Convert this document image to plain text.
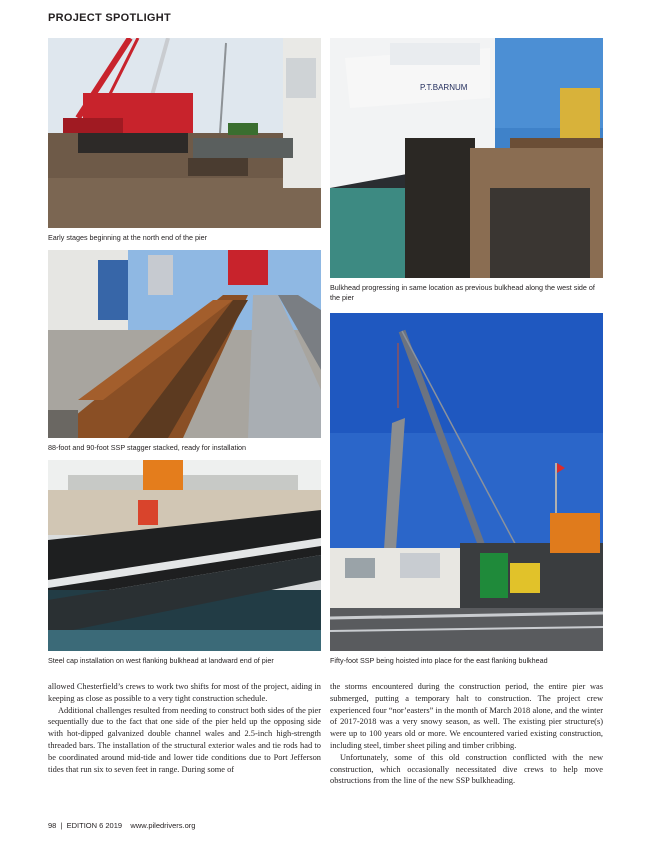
PROJECT SPOTLIGHT
P.T.BARNUM
Early stages beginning at the north end of the pier
Bulkhead progressing in same location as previous bulkhead along the west side of the pier
88-foot and 90-foot SSP stagger stacked, ready for installation
Steel cap installation on west flanking bulkhead at landward end of pier	Fifty-foot SSP being hoisted into place for the east flanking bulkhead

allowed Chesterfield’s crews to work two shifts for most of the project, aiding in keeping as close as possible to a very tight construction schedule.

Additional challenges resulted from needing to construct both sides of the pier sequentially due to the fact that one side of the pier held up the opposing side with hot-dipped galvanized double channel wales and 2.5-inch high-strength threaded bars. The installation of the structural exterior wales and tie rods had to be coordinated around mid-tide and lower tide conditions due to Port Jefferson tides that run six to seven feet in range. During some of

the storms encountered during the construction period, the entire pier was submerged, putting a temporary halt to construction. The project crew experienced four “nor’easters” in the month of March 2018 alone, and the winter of 2017-2018 was a very snowy season, as well. The existing pier structure(s) were up to 100 years old or more. We encountered varied existing construction, including steel, timber sheet piling and timber cribbing.

Unfortunately, some of this old construction conflicted with the new construction, which occasionally necessitated dive crews to help move obstructions from the line of the new SSP bulkheading.

98  |  EDITION 6 2019    www.piledrivers.org
